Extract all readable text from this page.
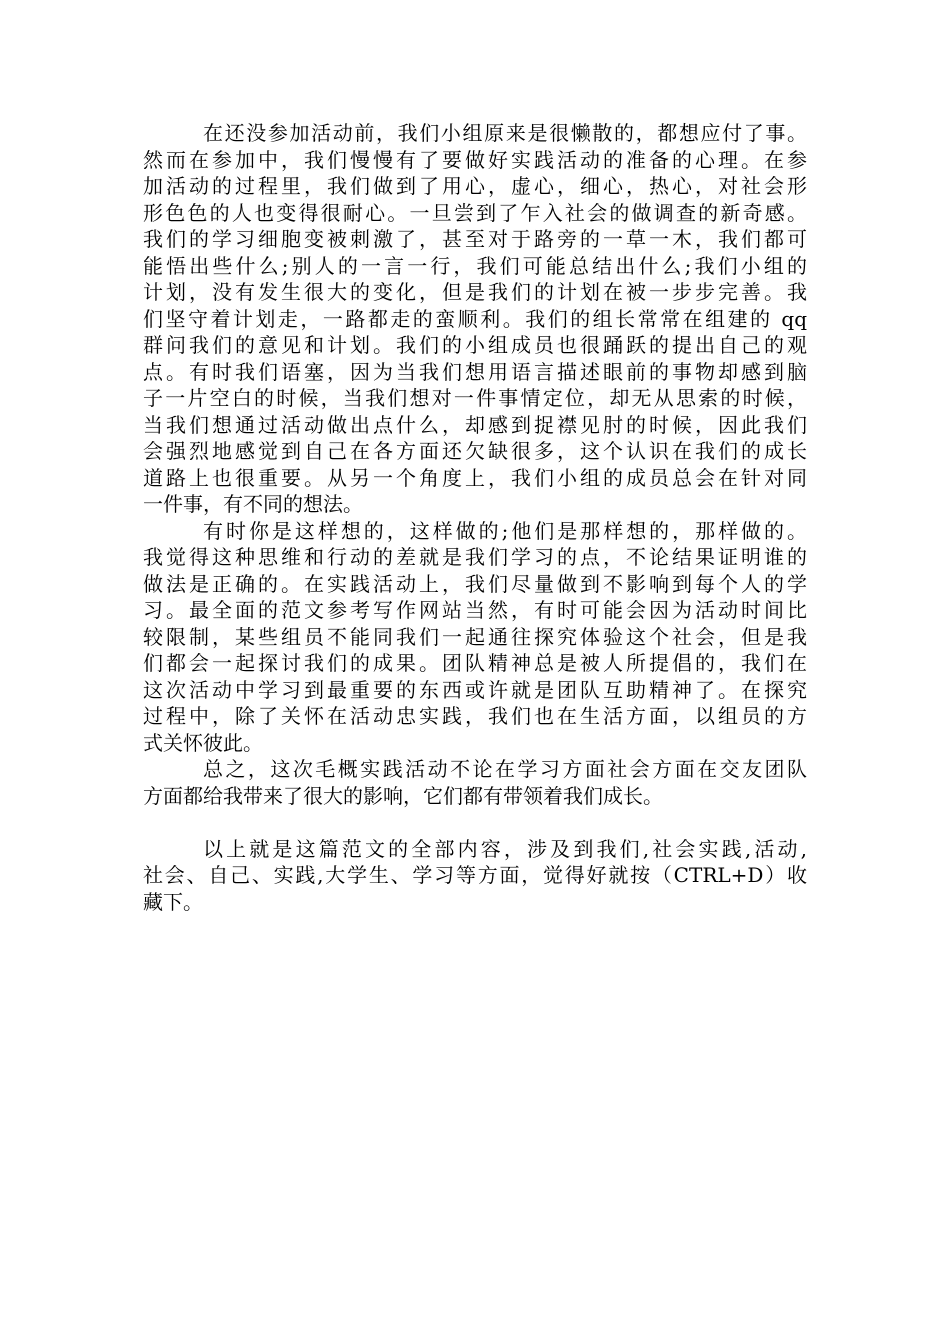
在还没参加活动前，我们小组原来是很懒散的，都想应付了事。
然而在参加中，我们慢慢有了要做好实践活动的准备的心理。在参
加活动的过程里，我们做到了用心，虚心，细心，热心，对社会形
形色色的人也变得很耐心。一旦尝到了乍入社会的做调查的新奇感。
我们的学习细胞变被刺激了，甚至对于路旁的一草一木，我们都可
能悟出些什么;别人的一言一行，我们可能总结出什么;我们小组的
计划，没有发生很大的变化，但是我们的计划在被一步步完善。我
们坚守着计划走，一路都走的蛮顺利。我们的组长常常在组建的 qq
群问我们的意见和计划。我们的小组成员也很踊跃的提出自己的观
点。有时我们语塞，因为当我们想用语言描述眼前的事物却感到脑
子一片空白的时候，当我们想对一件事情定位，却无从思索的时候，
当我们想通过活动做出点什么，却感到捉襟见肘的时候，因此我们
会强烈地感觉到自己在各方面还欠缺很多，这个认识在我们的成长
道路上也很重要。从另一个角度上，我们小组的成员总会在针对同
一件事，有不同的想法。
有时你是这样想的，这样做的;他们是那样想的，那样做的。
我觉得这种思维和行动的差就是我们学习的点，不论结果证明谁的
做法是正确的。在实践活动上，我们尽量做到不影响到每个人的学
习。最全面的范文参考写作网站当然，有时可能会因为活动时间比
较限制，某些组员不能同我们一起通往探究体验这个社会，但是我
们都会一起探讨我们的成果。团队精神总是被人所提倡的，我们在
这次活动中学习到最重要的东西或许就是团队互助精神了。在探究
过程中，除了关怀在活动忠实践，我们也在生活方面，以组员的方
式关怀彼此。
总之，这次毛概实践活动不论在学习方面社会方面在交友团队
方面都给我带来了很大的影响，它们都有带领着我们成长。
以上就是这篇范文的全部内容，涉及到我们,社会实践,活动,
社会、自己、实践,大学生、学习等方面，觉得好就按（CTRL+D）收
藏下。
